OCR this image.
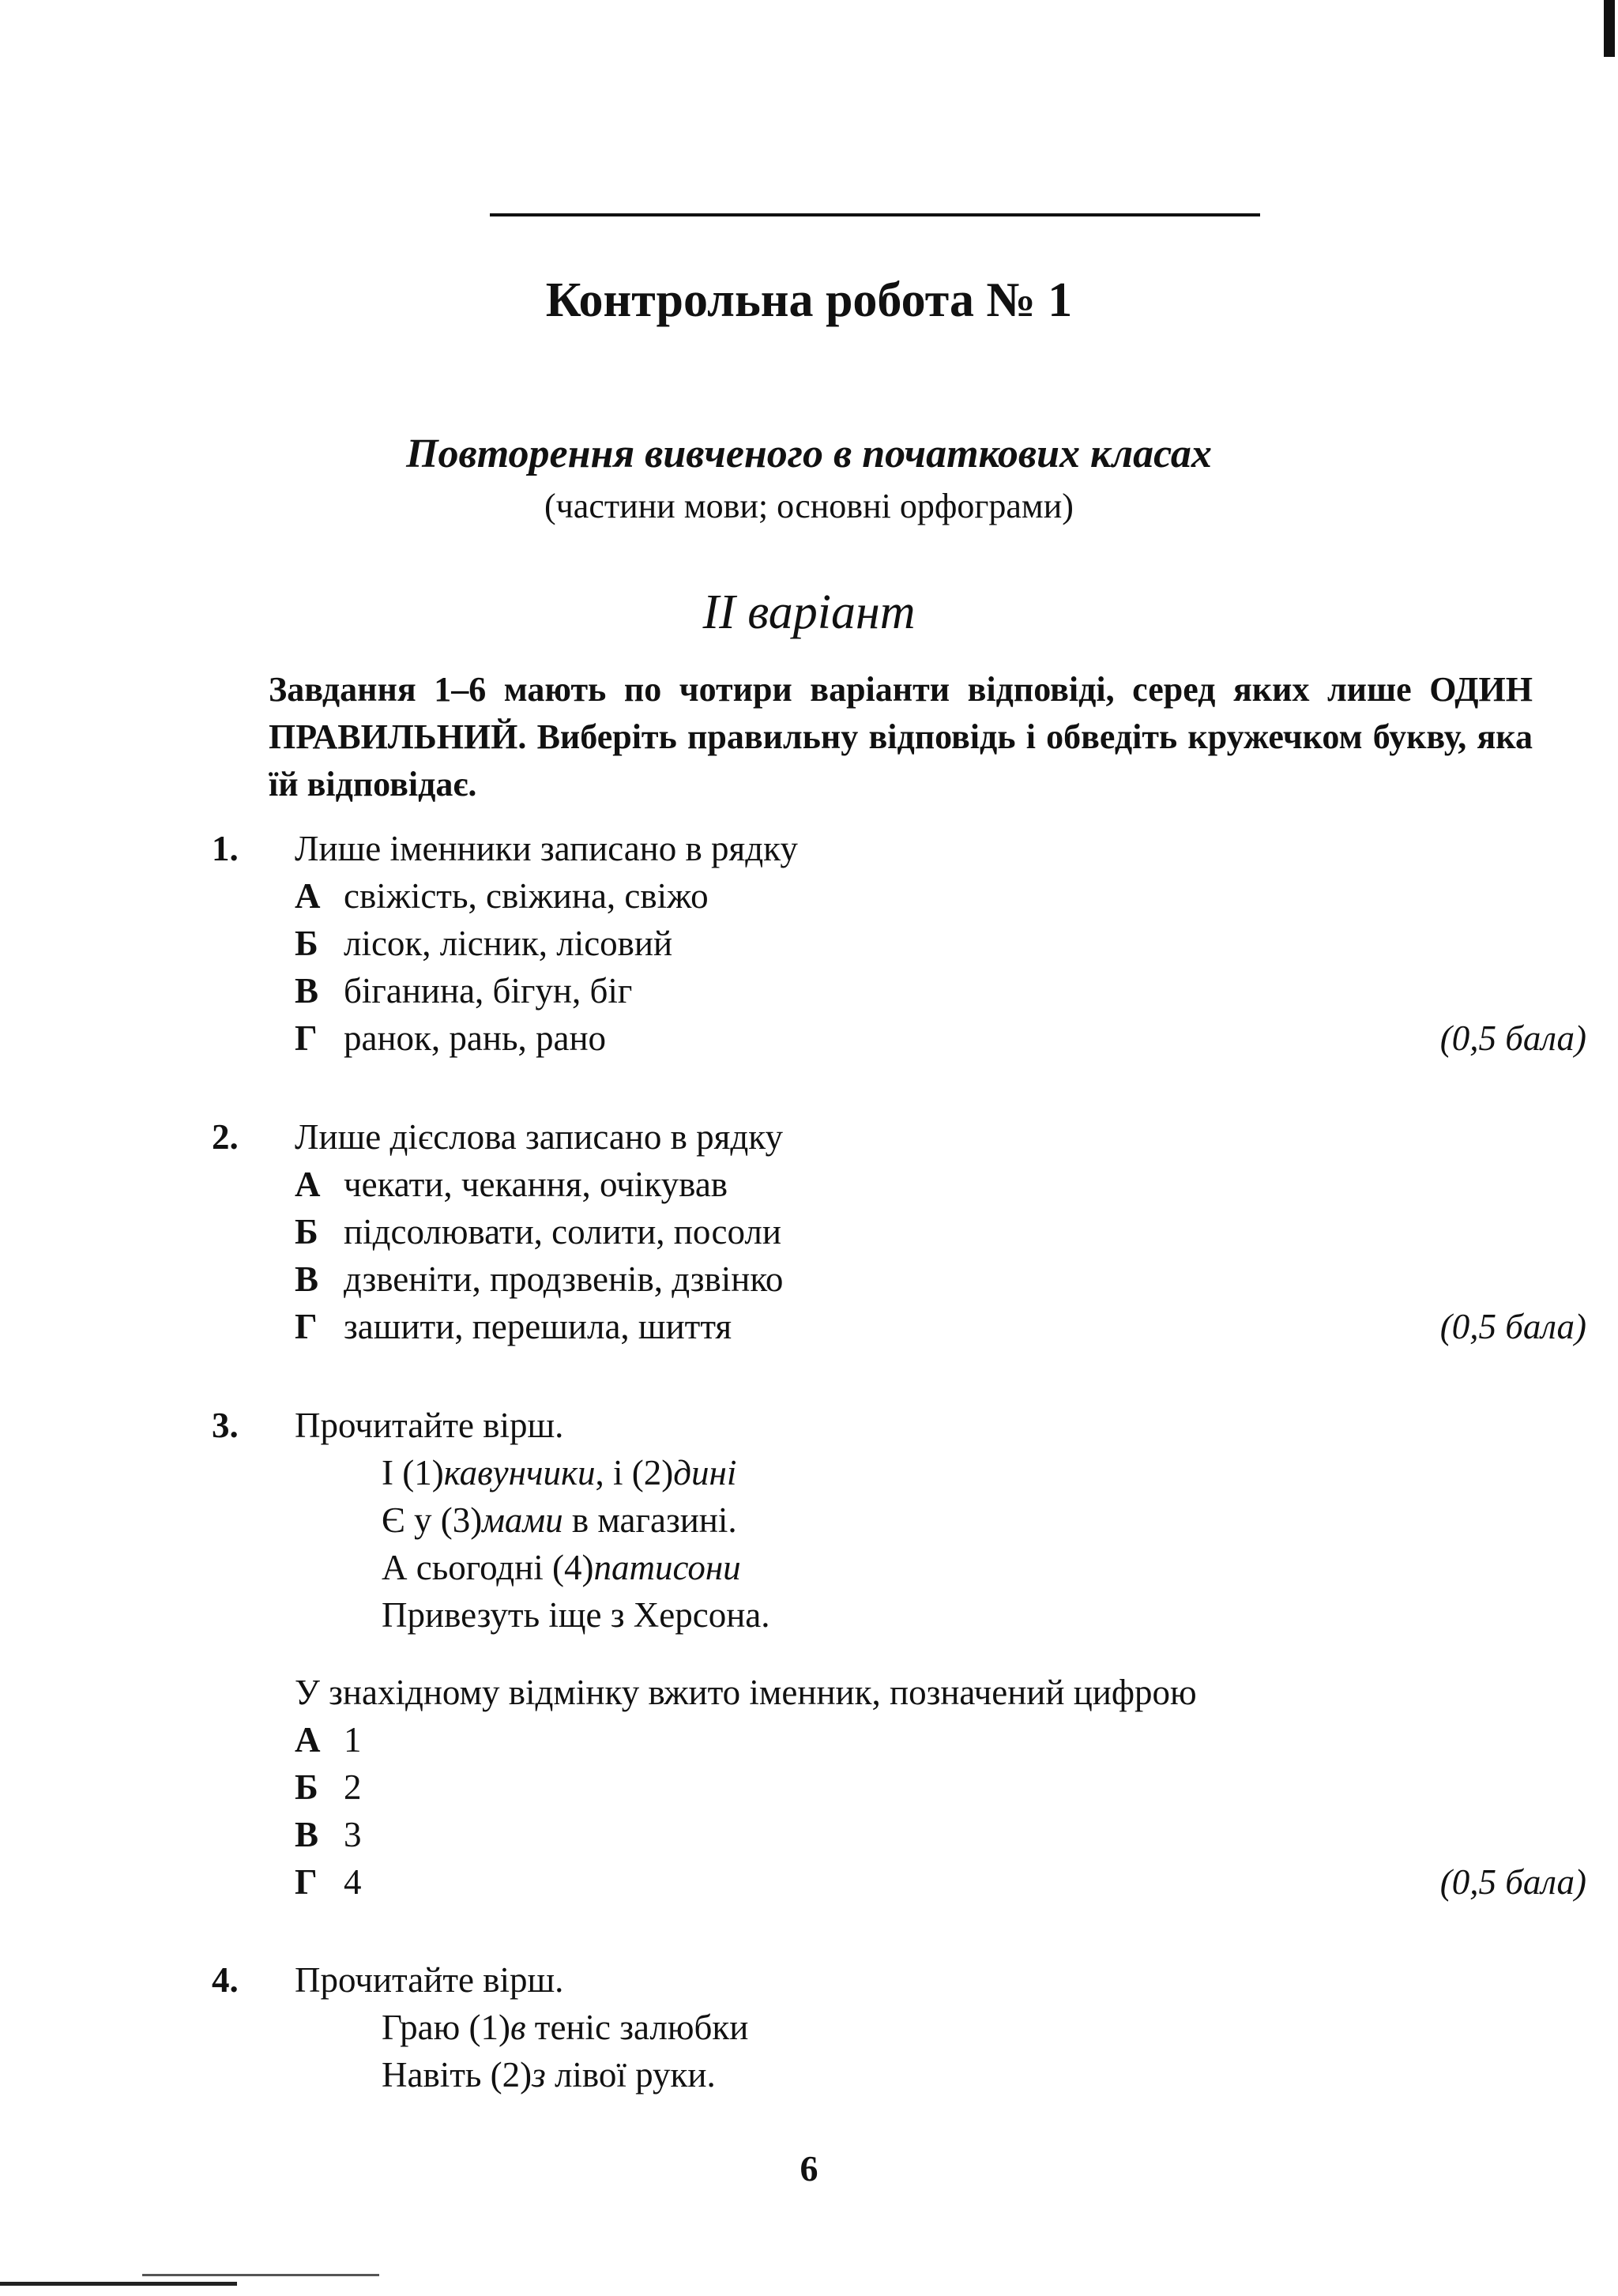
Контрольна робота № 1
Повторення вивченого в початкових класах
(частини мови; основні орфограми)
II варіант

Завдання 1–6 мають по чотири варіанти відповіді, серед яких лише ОДИН ПРАВИЛЬНИЙ. Виберіть правильну відповідь і обведіть кружечком букву, яка їй відповідає.

1. Лише іменники записано в рядку
А свіжість, свіжина, свіжо
Б лісок, лісник, лісовий
В біганина, бігун, біг
Г ранок, рань, рано	(0,5 бала)
2. Лише дієслова записано в рядку
А чекати, чекання, очікував
Б підсолювати, солити, посоли
В дзвеніти, продзвенів, дзвінко
Г зашити, перешила, шиття	(0,5 бала)
3. Прочитайте вірш.
І (1)кавунчики, і (2)дині
Є у (3)мами в магазині.
А сьогодні (4)патисони
Привезуть іще з Херсона.
У знахідному відмінку вжито іменник, позначений цифрою
А 1
Б 2
В 3
Г 4	(0,5 бала)
4. Прочитайте вірш.
Граю (1)в теніс залюбки
Навіть (2)з лівої руки.
6
